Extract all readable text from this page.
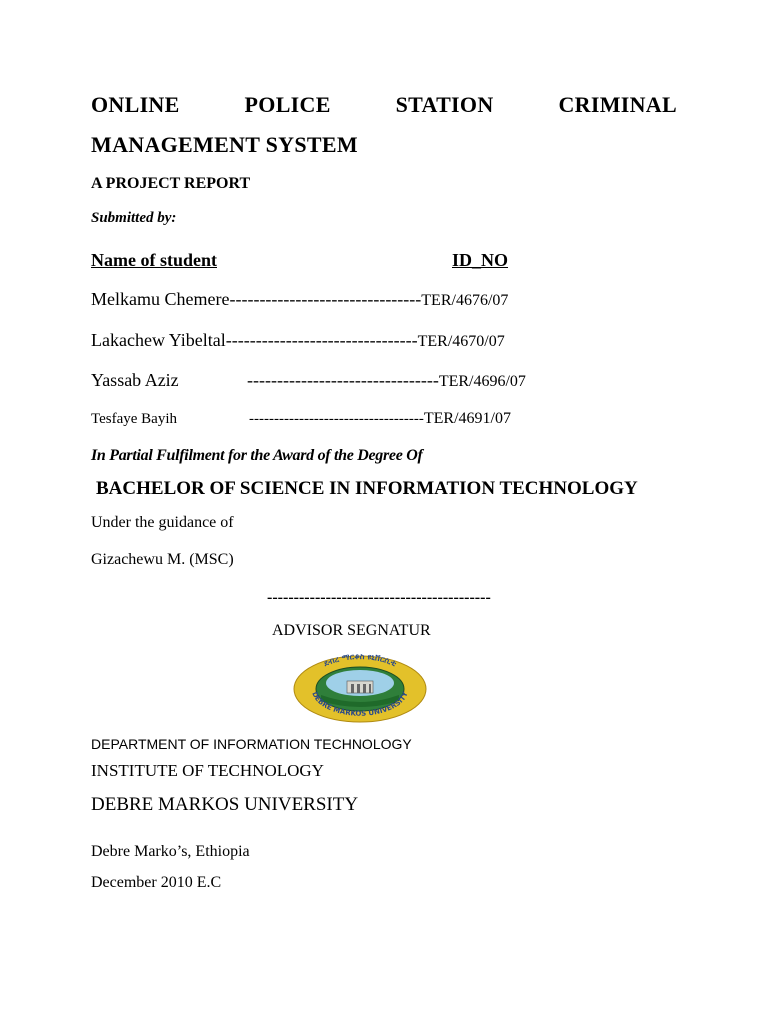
ONLINE	POLICE	STATION	CRIMINAL
MANAGEMENT SYSTEM
A PROJECT REPORT
Submitted by:
Name of student	ID_NO
Melkamu Chemere--------------------------------TER/4676/07
Lakachew Yibeltal--------------------------------TER/4670/07
Yassab Aziz	--------------------------------TER/4696/07
Tesfaye Bayih	-----------------------------------TER/4691/07
In Partial Fulfilment for the Award of the Degree Of
BACHELOR OF SCIENCE IN INFORMATION TECHNOLOGY
Under the guidance of
Gizachewu M. (MSC)
------------------------------------------
ADVISOR SEGNATUR
ደብረ ማርቆስ ዩኒቨርሲቲ
DEBRE MARKOS UNIVERSITY
DEPARTMENT OF INFORMATION TECHNOLOGY
INSTITUTE OF TECHNOLOGY
DEBRE MARKOS UNIVERSITY
Debre Marko’s, Ethiopia
December 2010 E.C
